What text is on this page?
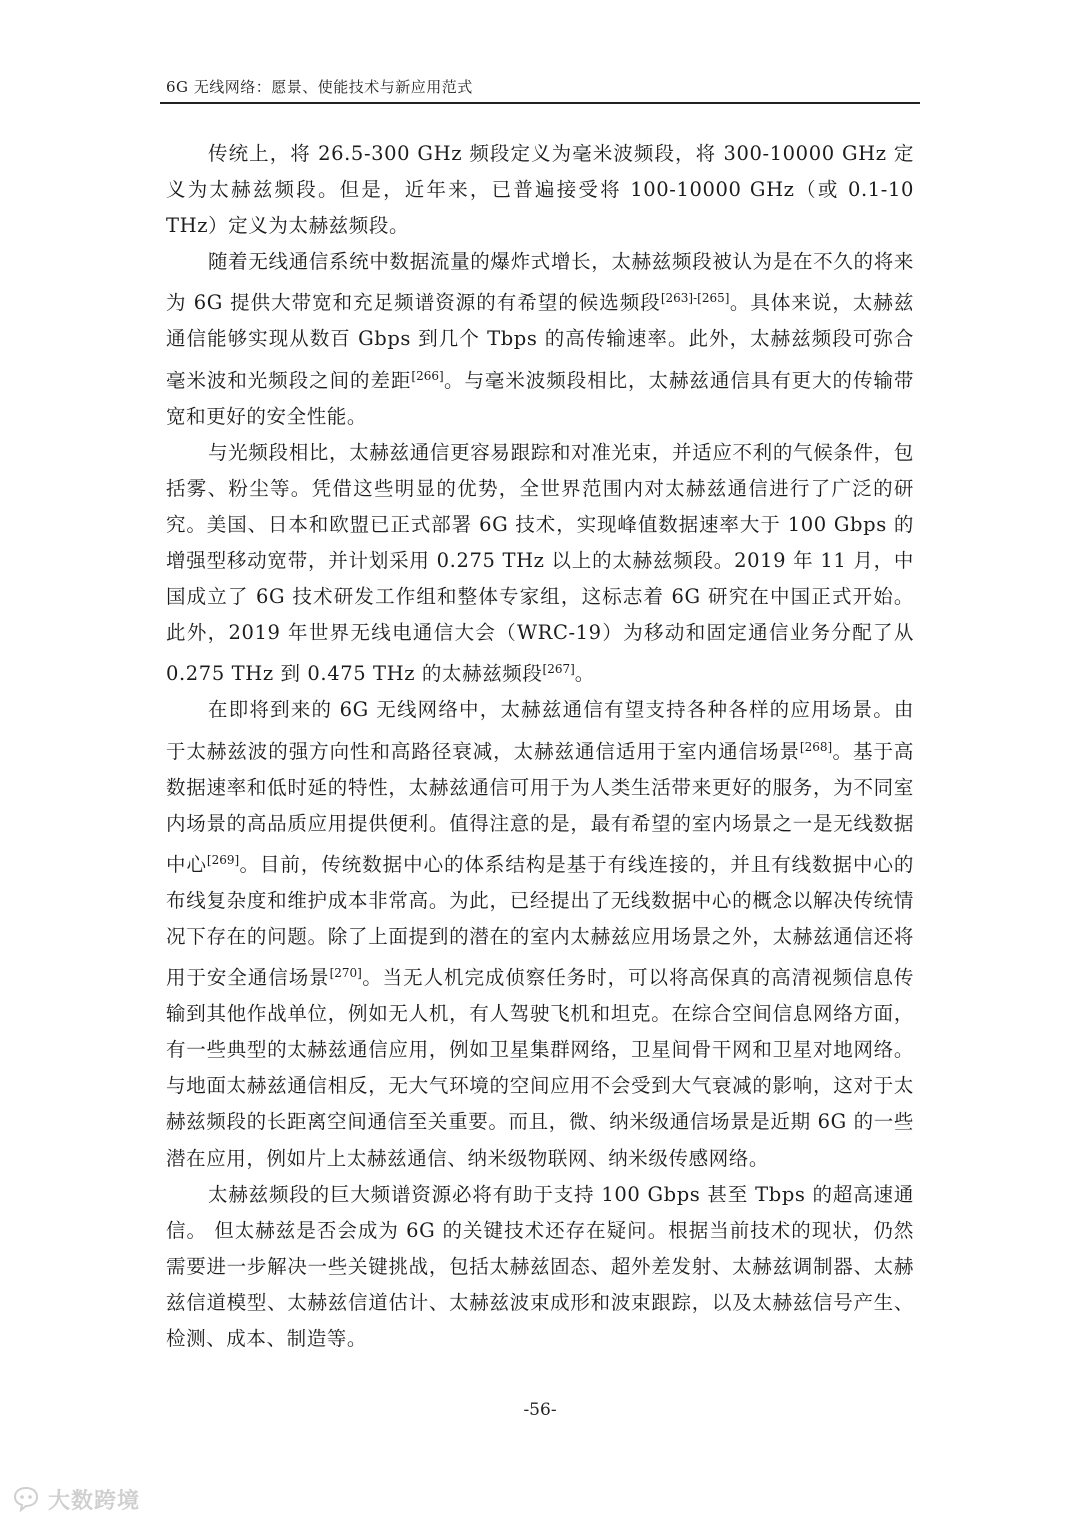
6G 无线网络：愿景、使能技术与新应用范式

传统上，将 26.5-300 GHz 频段定义为毫米波频段，将 300-10000 GHz 定义为太赫兹频段。但是，近年来，已普遍接受将 100-10000 GHz（或 0.1-10 THz）定义为太赫兹频段。

随着无线通信系统中数据流量的爆炸式增长，太赫兹频段被认为是在不久的将来为 6G 提供大带宽和充足频谱资源的有希望的候选频段[263]-[265]。具体来说，太赫兹通信能够实现从数百 Gbps 到几个 Tbps 的高传输速率。此外，太赫兹频段可弥合毫米波和光频段之间的差距[266]。与毫米波频段相比，太赫兹通信具有更大的传输带宽和更好的安全性能。

与光频段相比，太赫兹通信更容易跟踪和对准光束，并适应不利的气候条件，包括雾、粉尘等。凭借这些明显的优势，全世界范围内对太赫兹通信进行了广泛的研究。美国、日本和欧盟已正式部署 6G 技术，实现峰值数据速率大于 100 Gbps 的增强型移动宽带，并计划采用 0.275 THz 以上的太赫兹频段。2019 年 11 月，中国成立了 6G 技术研发工作组和整体专家组，这标志着 6G 研究在中国正式开始。 此外，2019 年世界无线电通信大会（WRC-19）为移动和固定通信业务分配了从 0.275 THz 到 0.475 THz 的太赫兹频段[267]。

在即将到来的 6G 无线网络中，太赫兹通信有望支持各种各样的应用场景。由于太赫兹波的强方向性和高路径衰减，太赫兹通信适用于室内通信场景[268]。基于高数据速率和低时延的特性，太赫兹通信可用于为人类生活带来更好的服务，为不同室内场景的高品质应用提供便利。值得注意的是，最有希望的室内场景之一是无线数据中心[269]。目前，传统数据中心的体系结构是基于有线连接的，并且有线数据中心的布线复杂度和维护成本非常高。为此，已经提出了无线数据中心的概念以解决传统情况下存在的问题。除了上面提到的潜在的室内太赫兹应用场景之外，太赫兹通信还将用于安全通信场景[270]。当无人机完成侦察任务时，可以将高保真的高清视频信息传输到其他作战单位，例如无人机，有人驾驶飞机和坦克。在综合空间信息网络方面，有一些典型的太赫兹通信应用，例如卫星集群网络，卫星间骨干网和卫星对地网络。与地面太赫兹通信相反，无大气环境的空间应用不会受到大气衰减的影响，这对于太赫兹频段的长距离空间通信至关重要。而且，微、纳米级通信场景是近期 6G 的一些潜在应用，例如片上太赫兹通信、纳米级物联网、纳米级传感网络。

太赫兹频段的巨大频谱资源必将有助于支持 100 Gbps 甚至 Tbps 的超高速通信。 但太赫兹是否会成为 6G 的关键技术还存在疑问。根据当前技术的现状，仍然需要进一步解决一些关键挑战，包括太赫兹固态、超外差发射、太赫兹调制器、太赫兹信道模型、太赫兹信道估计、太赫兹波束成形和波束跟踪，以及太赫兹信号产生、检测、成本、制造等。

-56-
大数跨境
